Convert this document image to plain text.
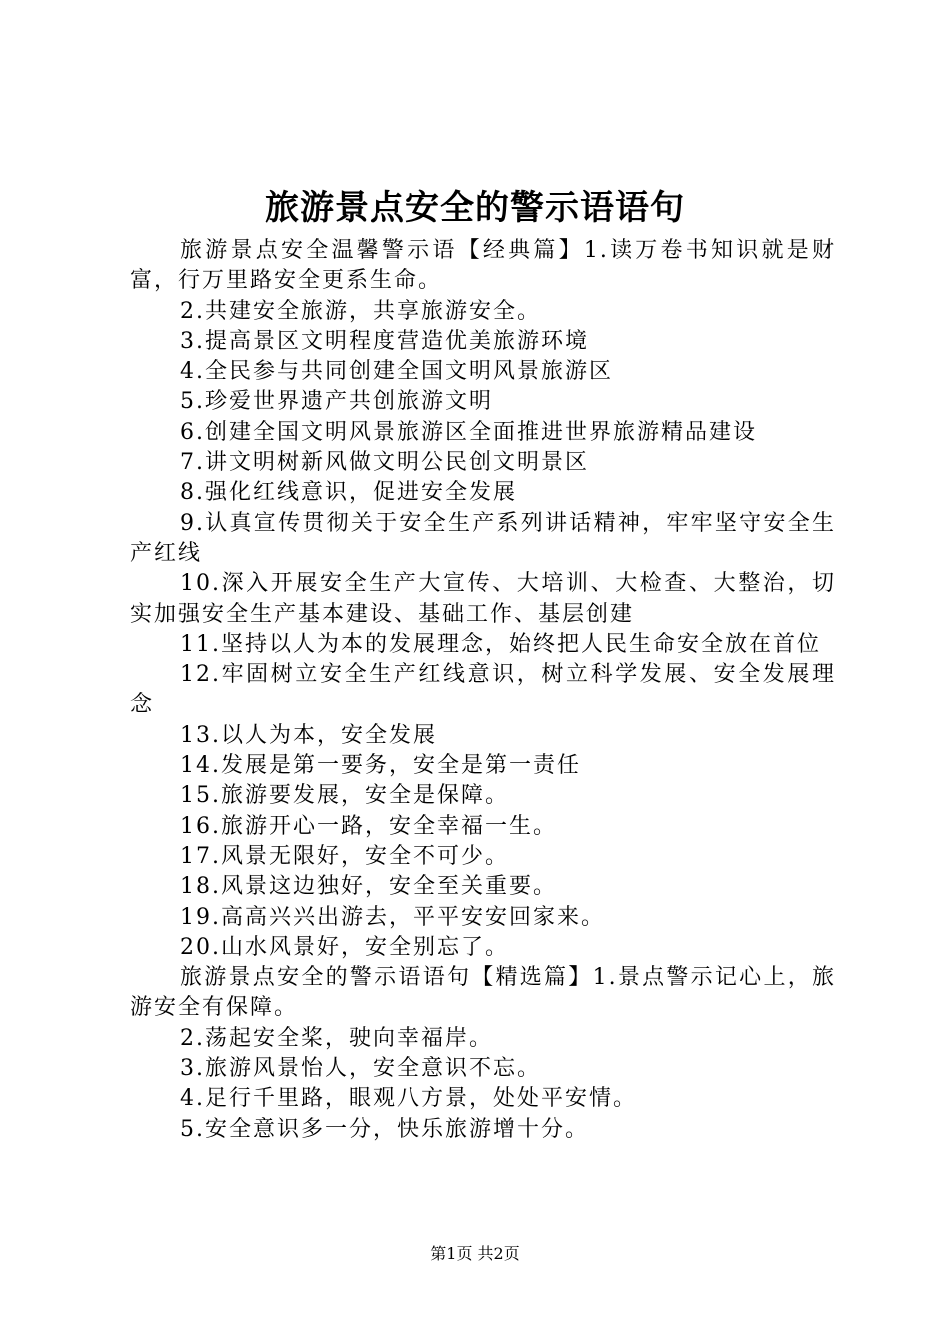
旅游景点安全的警示语语句

旅游景点安全温馨警示语【经典篇】1.读万卷书知识就是财富，行万里路安全更系生命。

2.共建安全旅游，共享旅游安全。

3.提高景区文明程度营造优美旅游环境

4.全民参与共同创建全国文明风景旅游区

5.珍爱世界遗产共创旅游文明

6.创建全国文明风景旅游区全面推进世界旅游精品建设

7.讲文明树新风做文明公民创文明景区

8.强化红线意识，促进安全发展

9.认真宣传贯彻关于安全生产系列讲话精神，牢牢坚守安全生产红线

10.深入开展安全生产大宣传、大培训、大检查、大整治，切实加强安全生产基本建设、基础工作、基层创建

11.坚持以人为本的发展理念，始终把人民生命安全放在首位

12.牢固树立安全生产红线意识，树立科学发展、安全发展理念

13.以人为本，安全发展

14.发展是第一要务，安全是第一责任

15.旅游要发展，安全是保障。

16.旅游开心一路，安全幸福一生。

17.风景无限好，安全不可少。

18.风景这边独好，安全至关重要。

19.高高兴兴出游去，平平安安回家来。

20.山水风景好，安全别忘了。

旅游景点安全的警示语语句【精选篇】1.景点警示记心上，旅游安全有保障。

2.荡起安全桨，驶向幸福岸。

3.旅游风景怡人，安全意识不忘。

4.足行千里路，眼观八方景，处处平安情。

5.安全意识多一分，快乐旅游增十分。

第1页 共2页
